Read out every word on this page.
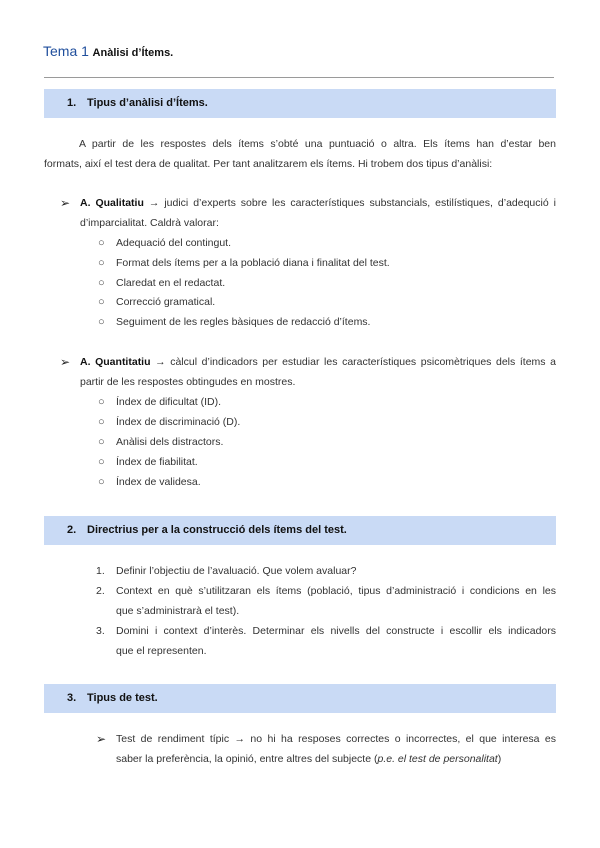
Tema 1 Anàlisi d’Ítems.
1. Tipus d’anàlisi d’Ítems.
A partir de les respostes dels ítems s’obté una puntuació o altra. Els ítems han d’estar ben
formats, així el test dera de qualitat. Per tant analitzarem els ítems. Hi trobem dos tipus d’anàlisi:
➢ A. Qualitatiu → judici d’experts sobre les característiques substancials, estilístiques, d’adequció i
d’imparcialitat. Caldrà valorar:
○ Adequació del contingut.
○ Format dels ítems per a la població diana i finalitat del test.
○ Claredat en el redactat.
○ Correcció gramatical.
○ Seguiment de les regles bàsiques de redacció d’ítems.
➢ A. Quantitatiu → càlcul d’indicadors per estudiar les característiques psicomètriques dels ítems a
partir de les respostes obtingudes en mostres.
○ Índex de dificultat (ID).
○ Índex de discriminació (D).
○ Anàlisi dels distractors.
○ Índex de fiabilitat.
○ Índex de validesa.
2. Directrius per a la construcció dels ítems del test.
1. Definir l’objectiu de l’avaluació. Que volem avaluar?
2. Context en què s’utilitzaran els ítems (població, tipus d’administració i condicions en les
que s’administrarà el test).
3. Domini i context d’interès. Determinar els nivells del constructe i escollir els indicadors
que el representen.
3. Tipus de test.
➢ Test de rendiment típic → no hi ha resposes correctes o incorrectes, el que interesa es
saber la preferència, la opinió, entre altres del subjecte (p.e. el test de personalitat)
